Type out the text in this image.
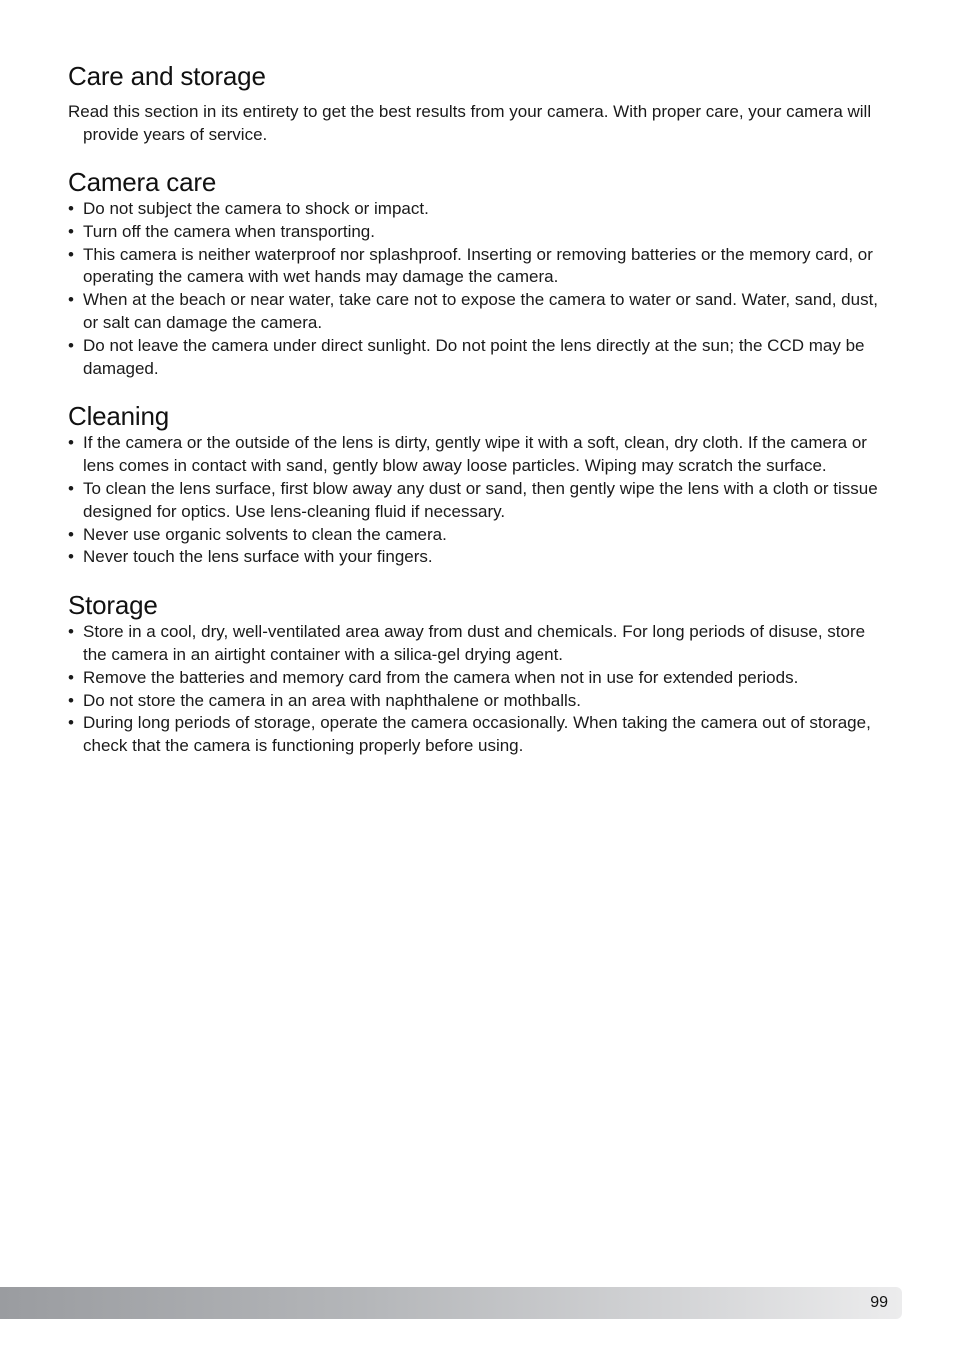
Care and storage

Read this section in its entirety to get the best results from your camera. With proper care, your camera will provide years of service.

Camera care
• Do not subject the camera to shock or impact.
• Turn off the camera when transporting.
• This camera is neither waterproof nor splashproof. Inserting or removing batteries or the memory card, or operating the camera with wet hands may damage the camera.
• When at the beach or near water, take care not to expose the camera to water or sand. Water, sand, dust, or salt can damage the camera.
• Do not leave the camera under direct sunlight. Do not point the lens directly at the sun; the CCD may be damaged.
Cleaning
• If the camera or the outside of the lens is dirty, gently wipe it with a soft, clean, dry cloth. If the camera or lens comes in contact with sand, gently blow away loose particles. Wiping may scratch the surface.
• To clean the lens surface, first blow away any dust or sand, then gently wipe the lens with a cloth or tissue designed for optics. Use lens-cleaning fluid if necessary.
• Never use organic solvents to clean the camera.
• Never touch the lens surface with your fingers.
Storage
• Store in a cool, dry, well-ventilated area away from dust and chemicals. For long periods of disuse, store the camera in an airtight container with a silica-gel drying agent.
• Remove the batteries and memory card from the camera when not in use for extended periods.
• Do not store the camera in an area with naphthalene or mothballs.
• During long periods of storage, operate the camera occasionally. When taking the camera out of storage, check that the camera is functioning properly before using.
99
